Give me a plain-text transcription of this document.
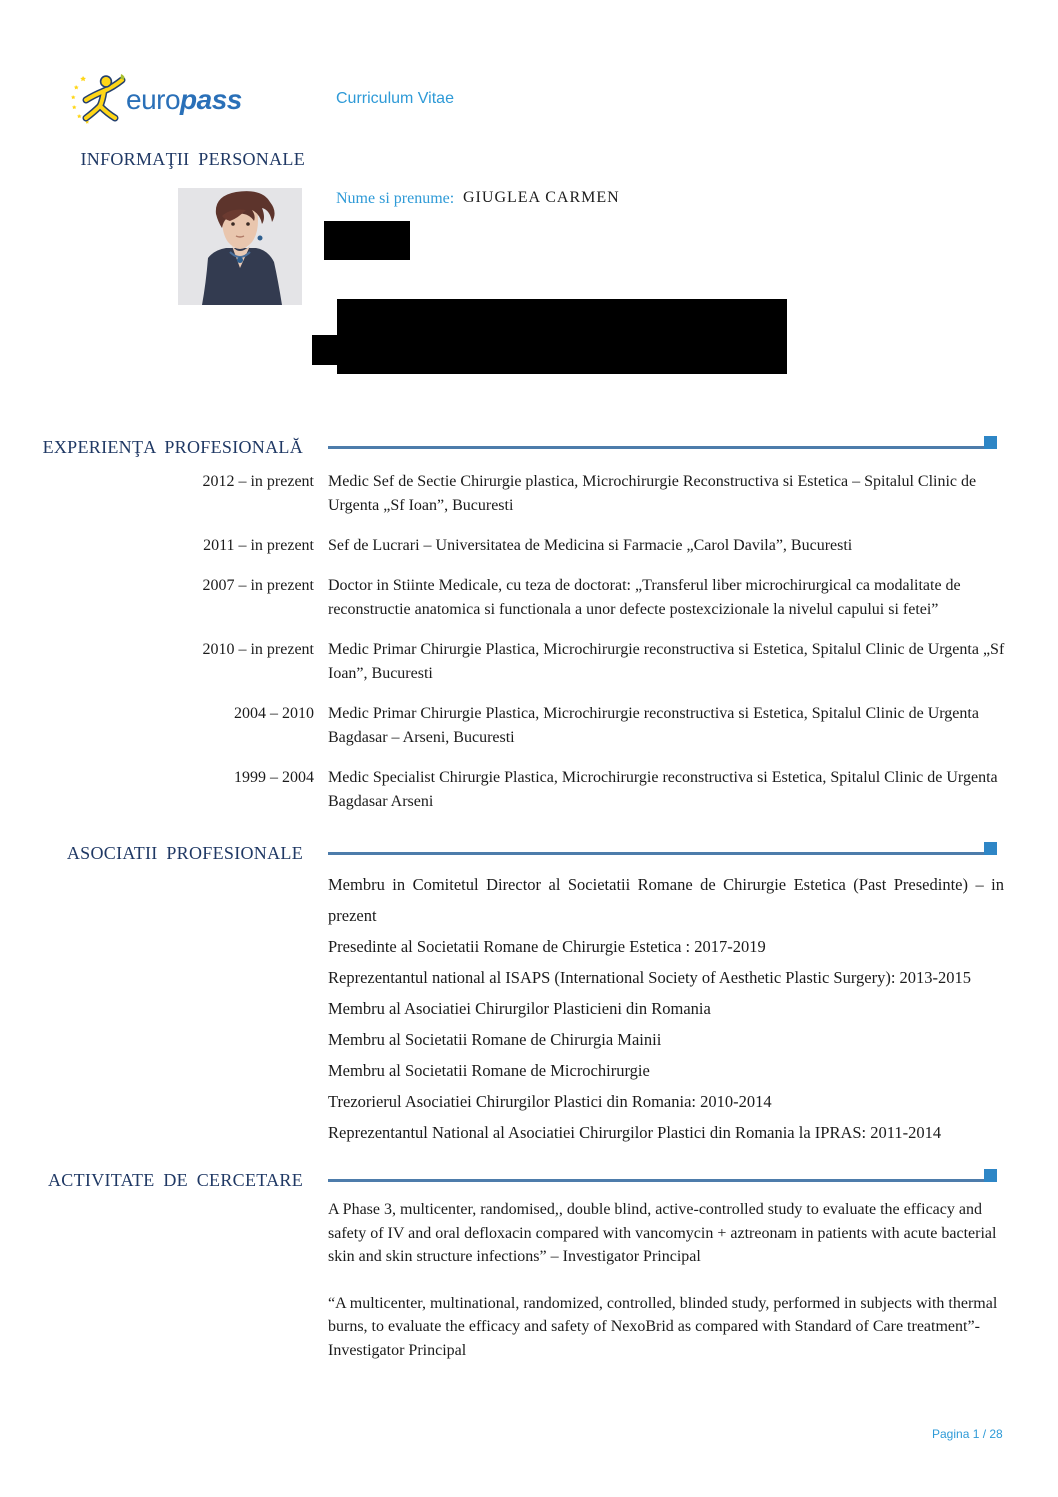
europass	Curriculum Vitae
INFORMAŢII PERSONALE
Nume si prenume: GIUGLEA CARMEN
EXPERIENŢA PROFESIONALĂ
2012 – in prezent Medic Sef de Sectie Chirurgie plastica, Microchirurgie Reconstructiva si Estetica – Spitalul Clinic de Urgenta „Sf Ioan”, Bucuresti
2011 – in prezent Sef de Lucrari – Universitatea de Medicina si Farmacie „Carol Davila”, Bucuresti
2007 – in prezent Doctor in Stiinte Medicale, cu teza de doctorat: „Transferul liber microchirurgical ca modalitate de reconstructie anatomica si functionala a unor defecte postexcizionale la nivelul capului si fetei”
2010 – in prezent Medic Primar Chirurgie Plastica, Microchirurgie reconstructiva si Estetica, Spitalul Clinic de Urgenta „Sf Ioan”, Bucuresti
2004 – 2010 Medic Primar Chirurgie Plastica, Microchirurgie reconstructiva si Estetica, Spitalul Clinic de Urgenta Bagdasar – Arseni, Bucuresti
1999 – 2004 Medic Specialist Chirurgie Plastica, Microchirurgie reconstructiva si Estetica, Spitalul Clinic de Urgenta Bagdasar Arseni
ASOCIATII PROFESIONALE

Membru in Comitetul Director al Societatii Romane de Chirurgie Estetica (Past Presedinte) – in prezent

Presedinte al Societatii Romane de Chirurgie Estetica : 2017-2019

Reprezentantul national al ISAPS (International Society of Aesthetic Plastic Surgery): 2013-2015

Membru al Asociatiei Chirurgilor Plasticieni din Romania

Membru al Societatii Romane de Chirurgia Mainii

Membru al Societatii Romane de Microchirurgie

Trezorierul Asociatiei Chirurgilor Plastici din Romania: 2010-2014

Reprezentantul National al Asociatiei Chirurgilor Plastici din Romania la IPRAS: 2011-2014

ACTIVITATE DE CERCETARE

A Phase 3, multicenter, randomised,, double blind, active-controlled study to evaluate the efficacy and safety of IV and oral defloxacin compared with vancomycin + aztreonam in patients with acute bacterial skin and skin structure infections” – Investigator Principal

“A multicenter, multinational, randomized, controlled, blinded study, performed in subjects with thermal burns, to evaluate the efficacy and safety of NexoBrid as compared with Standard of Care treatment”- Investigator Principal

Pagina 1 / 28
